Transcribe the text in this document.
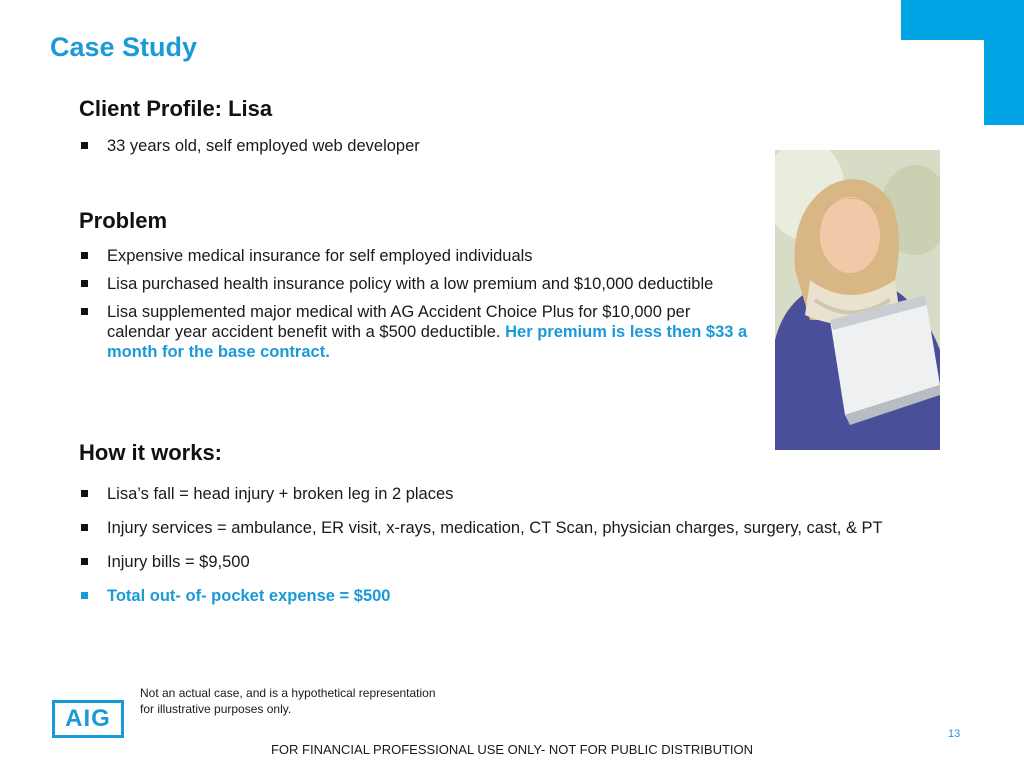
Case Study
Client Profile: Lisa
33 years old, self employed web developer
Problem
Expensive medical insurance for self employed individuals
Lisa purchased health insurance policy with a low premium and $10,000 deductible
Lisa supplemented major medical with AG Accident Choice Plus for $10,000 per calendar year accident benefit with a $500 deductible. Her premium is less then $33 a month for the base contract.
How it works:
Lisa’s fall = head injury + broken leg in 2 places
Injury services = ambulance, ER visit, x-rays, medication, CT Scan, physician charges, surgery, cast, & PT
Injury bills = $9,500
Total out- of- pocket expense = $500
AIG
Not an actual case, and is a hypothetical representation for illustrative purposes only.
13
FOR FINANCIAL PROFESSIONAL USE ONLY- NOT FOR PUBLIC DISTRIBUTION
